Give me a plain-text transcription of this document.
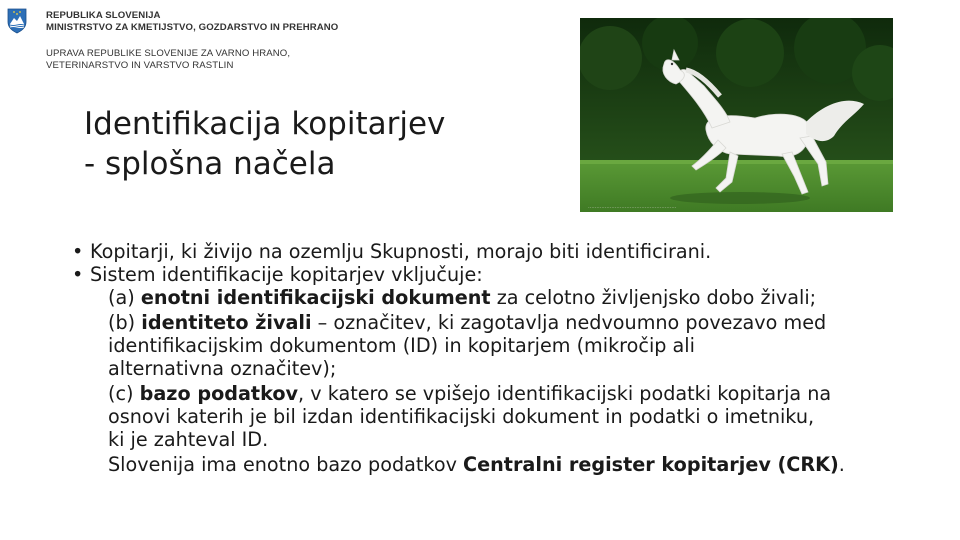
REPUBLIKA SLOVENIJA
MINISTRSTVO ZA KMETIJSTVO, GOZDARSTVO IN PREHRANO
UPRAVA REPUBLIKE SLOVENIJE ZA VARNO HRANO,
VETERINARSTVO IN VARSTVO RASTLIN
Identifikacija kopitarjev
- splošna načela
.....................................................
• Kopitarji, ki živijo na ozemlju Skupnosti, morajo biti identificirani.
• Sistem identifikacije kopitarjev vključuje:

(a) enotni identifikacijski dokument za celotno življenjsko dobo živali;

(b) identiteto živali – označitev, ki zagotavlja nedvoumno povezavo med

identifikacijskim dokumentom (ID) in kopitarjem (mikročip ali

alternativna označitev);

(c) bazo podatkov, v katero se vpišejo identifikacijski podatki kopitarja na

osnovi katerih je bil izdan identifikacijski dokument in podatki o imetniku,

ki je zahteval ID.

Slovenija ima enotno bazo podatkov Centralni register kopitarjev (CRK).
